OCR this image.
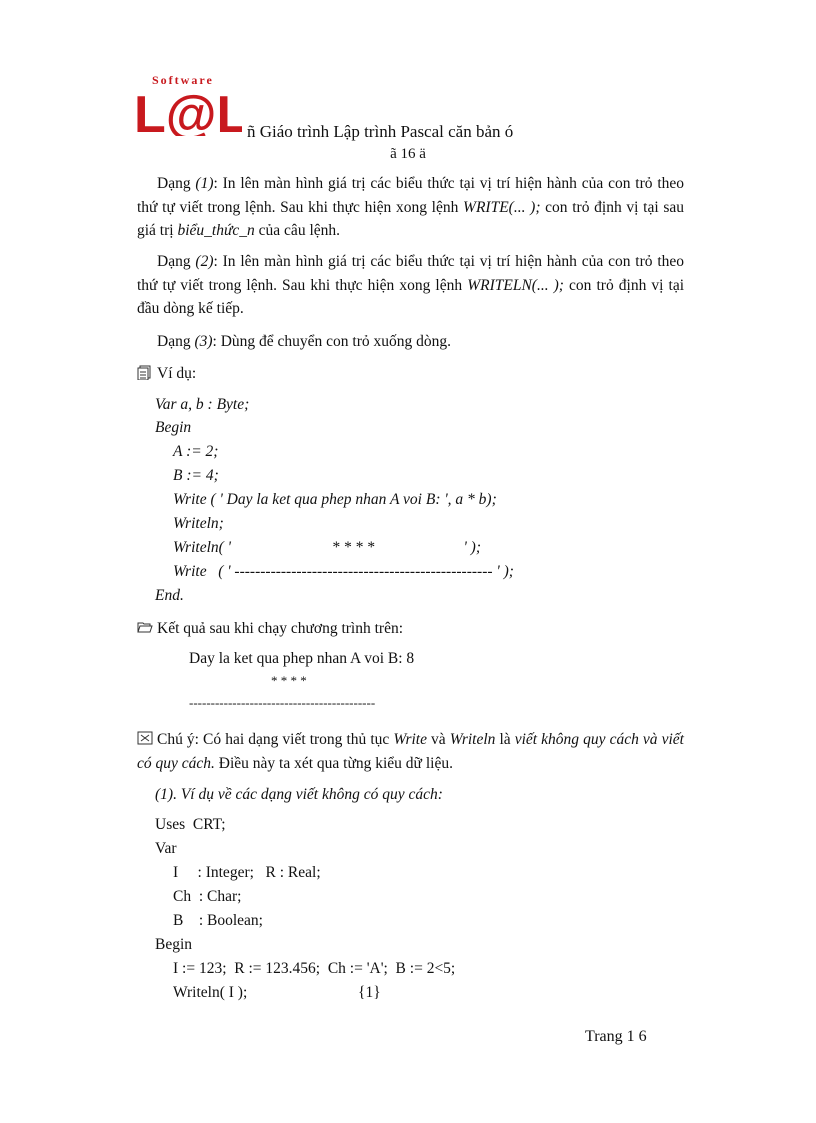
Software
L@L
ñ Giáo trình Lập trình Pascal căn bản ó
ã 16 ä
Dạng (1): In lên màn hình giá trị các biểu thức tại vị trí hiện hành của con trỏ theo thứ tự viết trong lệnh. Sau khi thực hiện xong lệnh WRITE(... ); con trỏ định vị tại sau giá trị biểu_thức_n của câu lệnh.
Dạng (2): In lên màn hình giá trị các biểu thức tại vị trí hiện hành của con trỏ theo thứ tự viết trong lệnh. Sau khi thực hiện xong lệnh WRITELN(... ); con trỏ định vị tại đầu dòng kế tiếp.
Dạng (3): Dùng để chuyển con trỏ xuống dòng.
Ví dụ:
Var a, b : Byte;
Begin
A := 2;
B := 4;
Write ( ' Day la ket qua phep nhan A voi B: ', a * b);
Writeln;
Writeln( '                          * * * *                       ' );
Write   ( ' -------------------------------------------------- ' );
End.
Kết quả sau khi chạy chương trình trên:
Day la ket qua phep nhan A voi B: 8
* * * *
-------------------------------------------
Chú ý: Có hai dạng viết trong thủ tục Write và Writeln là viết không quy cách và viết có quy cách. Điều này ta xét qua từng kiểu dữ liệu.
(1). Ví dụ về các dạng viết không có quy cách:
Uses  CRT;
Var
I     : Integer;   R : Real;
Ch  : Char;
B    : Boolean;
Begin
I := 123;  R := 123.456;  Ch := 'A';  B := 2<5;
Writeln( I );	{1}
Trang 1 6
